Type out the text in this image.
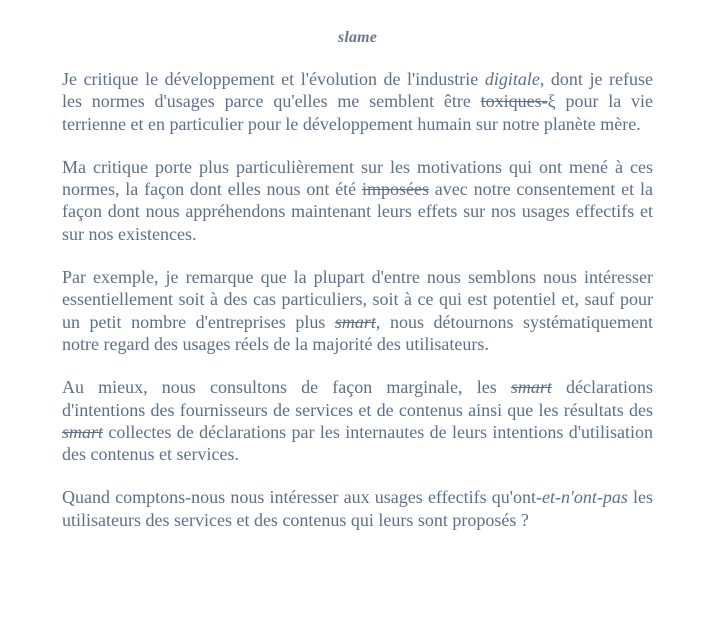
slame

Je critique le développement et l'évolution de l'industrie digitale, dont je refuse les normes d'usages parce qu'elles me semblent être toxiques-ξ pour la vie terrienne et en particulier pour le développement humain sur notre planète mère.

Ma critique porte plus particulièrement sur les motivations qui ont mené à ces normes, la façon dont elles nous ont été imposées avec notre consentement et la façon dont nous appréhendons maintenant leurs effets sur nos usages effectifs et sur nos existences.

Par exemple, je remarque que la plupart d'entre nous semblons nous intéresser essentiellement soit à des cas particuliers, soit à ce qui est potentiel et, sauf pour un petit nombre d'entreprises plus smart, nous détournons systématiquement notre regard des usages réels de la majorité des utilisateurs.

Au mieux, nous consultons de façon marginale, les smart déclarations d'intentions des fournisseurs de services et de contenus ainsi que les résultats des smart collectes de déclarations par les internautes de leurs intentions d'utilisation des contenus et services.

Quand comptons-nous nous intéresser aux usages effectifs qu'ont-et-n'ont-pas les utilisateurs des services et des contenus qui leurs sont proposés ?
